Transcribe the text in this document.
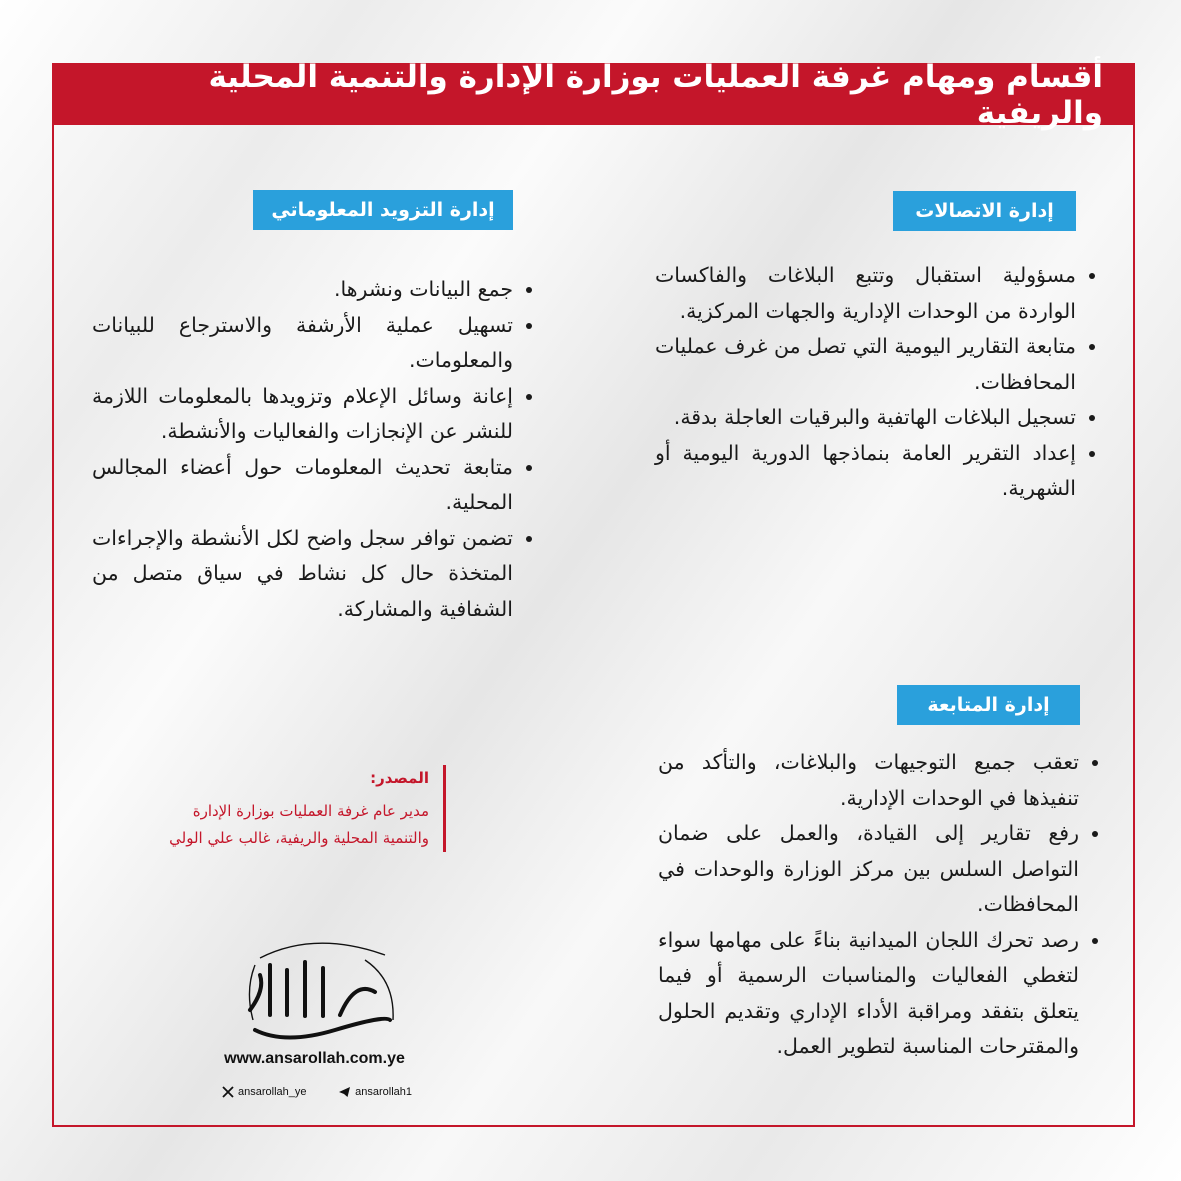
أقسام ومهام غرفة العمليات بوزارة الإدارة والتنمية المحلية والريفية
إدارة الاتصالات
مسؤولية استقبال وتتبع البلاغات والفاكسات الواردة من الوحدات الإدارية والجهات المركزية.
متابعة التقارير اليومية التي تصل من غرف عمليات المحافظات.
تسجيل البلاغات الهاتفية والبرقيات العاجلة بدقة.
إعداد التقرير العامة بنماذجها الدورية اليومية أو الشهرية.
إدارة التزويد المعلوماتي
جمع البيانات ونشرها.
تسهيل عملية الأرشفة والاسترجاع للبيانات والمعلومات.
إعانة وسائل الإعلام وتزويدها بالمعلومات اللازمة للنشر عن الإنجازات والفعاليات والأنشطة.
متابعة تحديث المعلومات حول أعضاء المجالس المحلية.
تضمن توافر سجل واضح لكل الأنشطة والإجراءات المتخذة حال كل نشاط في سياق متصل من الشفافية والمشاركة.
إدارة المتابعة
تعقب جميع التوجيهات والبلاغات، والتأكد من تنفيذها في الوحدات الإدارية.
رفع تقارير إلى القيادة، والعمل على ضمان التواصل السلس بين مركز الوزارة والوحدات في المحافظات.
رصد تحرك اللجان الميدانية بناءً على مهامها سواء لتغطي الفعاليات والمناسبات الرسمية أو فيما يتعلق بتفقد ومراقبة الأداء الإداري وتقديم الحلول والمقترحات المناسبة لتطوير العمل.
المصدر:
مدير عام غرفة العمليات بوزارة الإدارة
والتنمية المحلية والريفية، غالب علي الولي
www.ansarollah.com.ye
ansarollah_ye	ansarollah1
